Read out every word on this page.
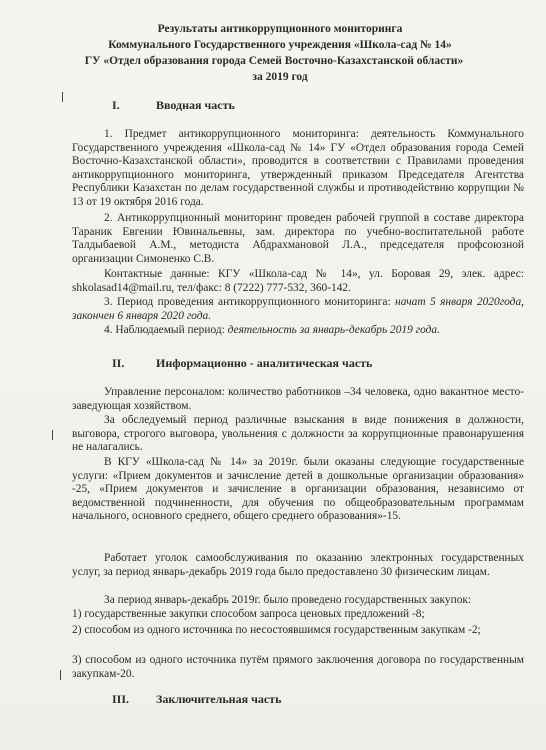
Результаты антикоррупционного мониторинга
Коммунального Государственного учреждения «Школа-сад № 14»
ГУ «Отдел образования города Семей Восточно-Казахстанской области»
за 2019 год
I.	Вводная часть
1. Предмет антикоррупционного мониторинга: деятельность Коммунального Государственного учреждения «Школа-сад № 14» ГУ «Отдел образования города Семей Восточно-Казахстанской области», проводится в соответствии с Правилами проведения антикоррупционного мониторинга, утвержденный приказом Председателя Агентства Республики Казахстан по делам государственной службы и противодействию коррупции № 13 от 19 октября 2016 года.
2. Антикоррупционный мониторинг проведен рабочей группой в составе директора Тараник Евгении Ювинальевны, зам. директора по учебно-воспитательной работе Талдыбаевой А.М., методиста Абдрахмановой Л.А., председателя профсоюзной организации Симоненко С.В.
Контактные данные: КГУ «Школа-сад № 14», ул. Боровая 29, элек. адрес: shkolasad14@mail.ru, тел/факс: 8 (7222) 777-532, 360-142.
3. Период проведения антикоррупционного мониторинга: начат 5 января 2020года, закончен 6 января 2020 года.
4. Наблюдаемый период: деятельность за январь-декабрь 2019 года.
II.	Информационно - аналитическая часть
Управление персоналом: количество работников –34 человека, одно вакантное место-заведующая хозяйством.
За обследуемый период различные взыскания в виде понижения в должности, выговора, строгого выговора, увольнения с должности за коррупционные правонарушения не налагались.
В КГУ «Школа-сад № 14» за 2019г. были оказаны следующие государственные услуги: «Прием документов и зачисление детей в дошкольные организации образования» -25, «Прием документов и зачисление в организации образования, независимо от ведомственной подчиненности, для обучения по общеобразовательным программам начального, основного среднего, общего среднего образования»-15.
Работает уголок самообслуживания по оказанию электронных государственных услуг, за период январь-декабрь 2019 года было предоставлено 30 физическим лицам.
За период январь-декабрь 2019г. было проведено государственных закупок:
1) государственные закупки способом запроса ценовых предложений -8;
2) способом из одного источника по несостоявшимся государственным закупкам -2;
3) способом из одного источника путём прямого заключения договора по государственным закупкам-20.
III. Заключительная часть
